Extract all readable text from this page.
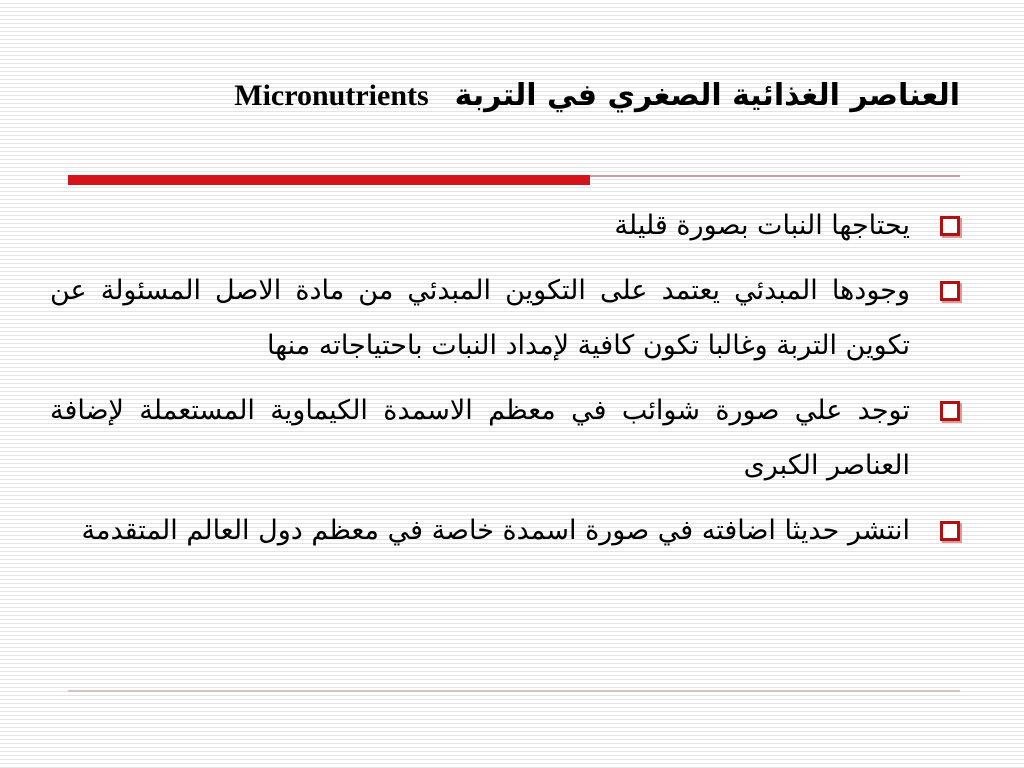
العناصر الغذائية الصغري في التربةMicronutrients
يحتاجها النبات بصورة قليلة
وجودها المبدئي يعتمد على التكوين المبدئي من مادة الاصل المسئولة عن تكوين التربة وغالبا تكون كافية لإمداد النبات باحتياجاته منها
توجد علي صورة شوائب في معظم الاسمدة الكيماوية المستعملة لإضافة العناصر الكبرى
انتشر حديثا اضافته في صورة اسمدة خاصة في معظم دول العالم المتقدمة
